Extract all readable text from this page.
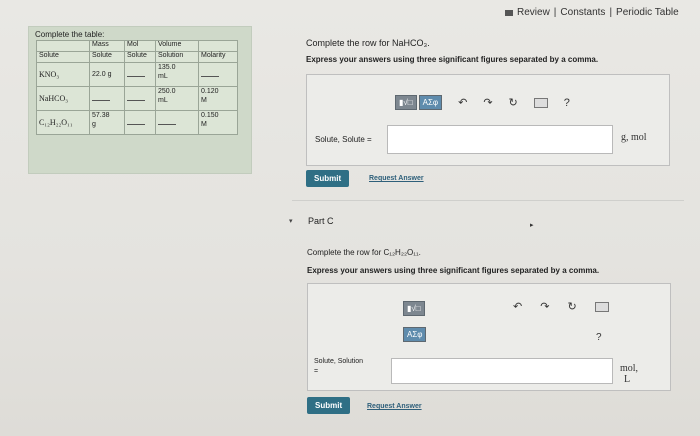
Review | Constants | Periodic Table
Complete the table:
	Mass	Mol	Volume	
Solute	Solute	Solute	Solution	Molarity
KNO₃	22.0 g		135.0
mL	
NaHCO₃			250.0
mL	0.120
M
C₁₂H₂₂O₁₁	57.38
g			0.150
M
Complete the row for NaHCO₃.
Express your answers using three significant figures separated by a comma.
▮√□	ΑΣφ	↶ ↷ ↻	?
Solute, Solute =	g, mol
Submit	Request Answer
▾ Part C	▸
Complete the row for C₁₂H₂₂O₁₁.
Express your answers using three significant figures separated by a comma.
▮√□
ΑΣφ
↶ ↷ ↻
?
Solute, Solution
=	mol,
L
Submit	Request Answer
